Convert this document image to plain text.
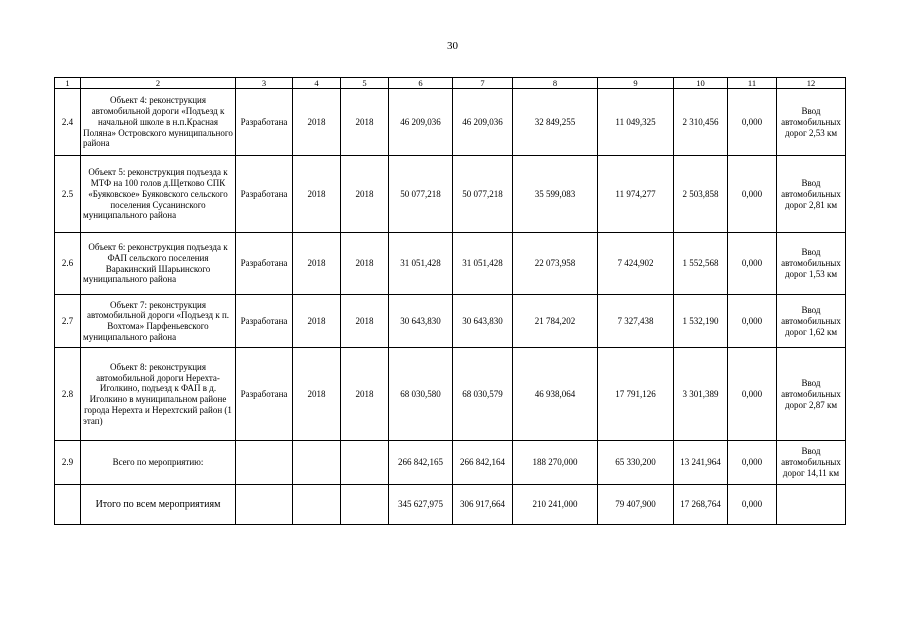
30
1	2	3	4	5	6	7	8	9	10	11	12
2.4	Объект 4: реконструкция автомобильной дороги «Подъезд к начальной школе в н.п.Красная Поляна» Островского муниципального района	Разработана	2018	2018	46 209,036	46 209,036	32 849,255	11 049,325	2 310,456	0,000	Ввод автомобильных дорог 2,53 км
2.5	Объект 5: реконструкция подъезда к МТФ на 100 голов д.Щетково СПК «Буяковское» Буяковского сельского поселения Сусанинского муниципального района	Разработана	2018	2018	50 077,218	50 077,218	35 599,083	11 974,277	2 503,858	0,000	Ввод автомобильных дорог 2,81 км
2.6	Объект 6: реконструкция подъезда к ФАП сельского поселения Варакинский Шарьинского муниципального района	Разработана	2018	2018	31 051,428	31 051,428	22 073,958	7 424,902	1 552,568	0,000	Ввод автомобильных дорог 1,53 км
2.7	Объект 7: реконструкция автомобильной дороги «Подъезд к п. Вохтома» Парфеньевского муниципального района	Разработана	2018	2018	30 643,830	30 643,830	21 784,202	7 327,438	1 532,190	0,000	Ввод автомобильных дорог 1,62 км
2.8	Объект 8: реконструкция автомобильной дороги Нерехта-Иголкино, подъезд к ФАП в д. Иголкино в муниципальном районе города Нерехта и Нерехтский район (1 этап)	Разработана	2018	2018	68 030,580	68 030,579	46 938,064	17 791,126	3 301,389	0,000	Ввод автомобильных дорог 2,87 км
2.9	Всего по мероприятию:				266 842,165	266 842,164	188 270,000	65 330,200	13 241,964	0,000	Ввод автомобильных дорог 14,11 км
	Итого по всем мероприятиям				345 627,975	306 917,664	210 241,000	79 407,900	17 268,764	0,000	
